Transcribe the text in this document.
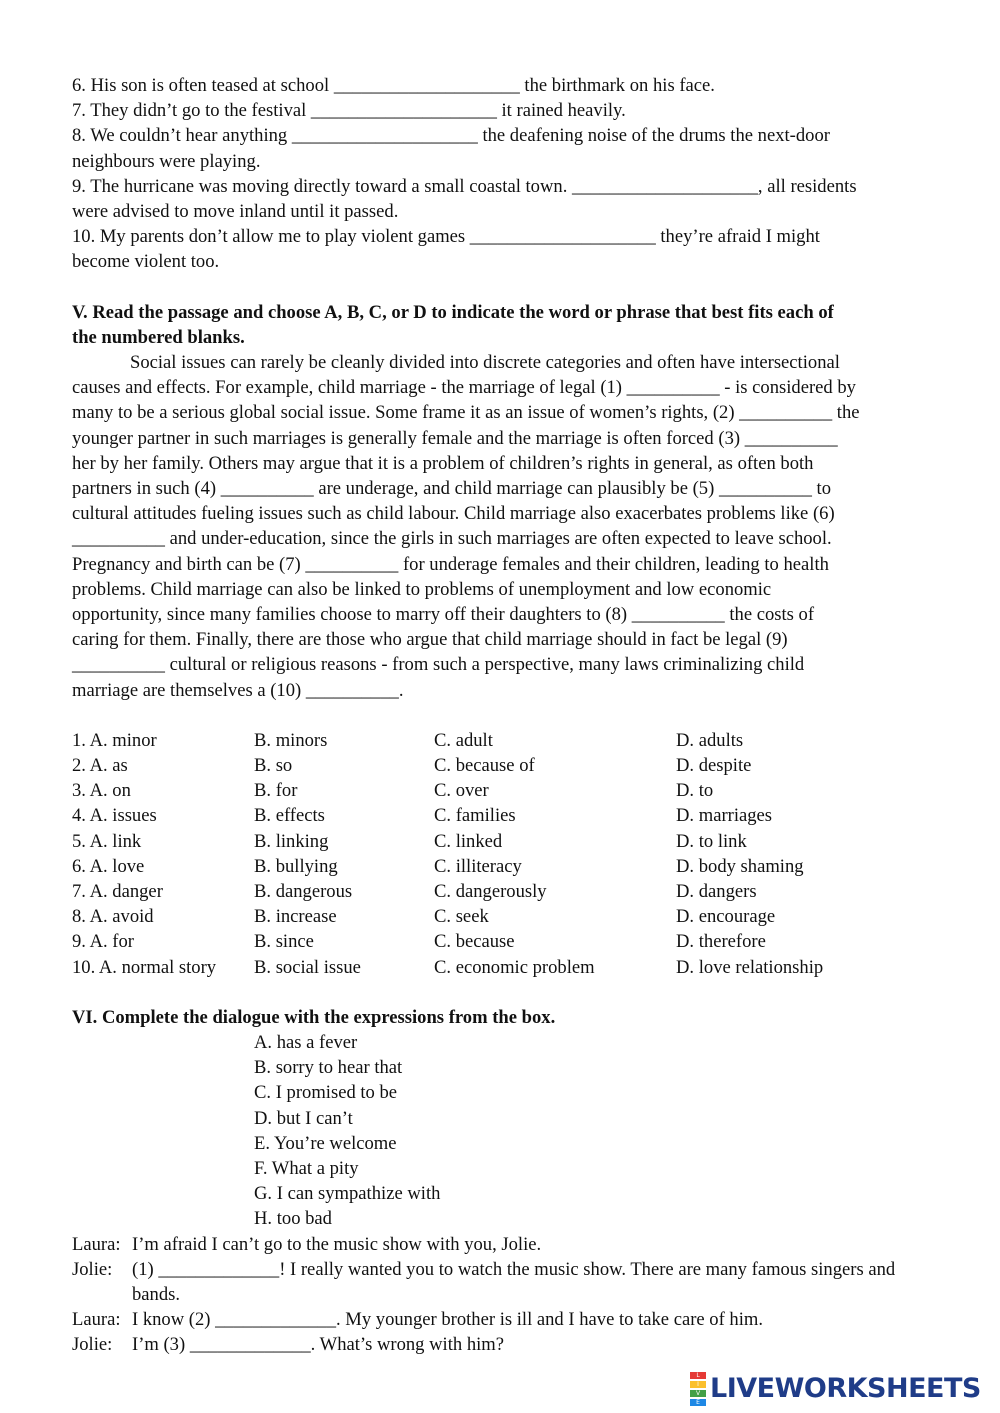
6. His son is often teased at school ____________________ the birthmark on his face.
7. They didn’t go to the festival ____________________ it rained heavily.
8. We couldn’t hear anything ____________________ the deafening noise of the drums the next-door
neighbours were playing.
9. The hurricane was moving directly toward a small coastal town. ____________________, all residents
were advised to move inland until it passed.
10. My parents don’t allow me to play violent games ____________________ they’re afraid I might
become violent too.
V. Read the passage and choose A, B, C, or D to indicate the word or phrase that best fits each of
the numbered blanks.
Social issues can rarely be cleanly divided into discrete categories and often have intersectional
causes and effects. For example, child marriage - the marriage of legal (1) __________ - is considered by
many to be a serious global social issue. Some frame it as an issue of women’s rights, (2) __________ the
younger partner in such marriages is generally female and the marriage is often forced (3) __________
her by her family. Others may argue that it is a problem of children’s rights in general, as often both
partners in such (4) __________ are underage, and child marriage can plausibly be (5) __________ to
cultural attitudes fueling issues such as child labour. Child marriage also exacerbates problems like (6)
__________ and under-education, since the girls in such marriages are often expected to leave school.
Pregnancy and birth can be (7) __________ for underage females and their children, leading to health
problems. Child marriage can also be linked to problems of unemployment and low economic
opportunity, since many families choose to marry off their daughters to (8) __________ the costs of
caring for them. Finally, there are those who argue that child marriage should in fact be legal (9)
__________ cultural or religious reasons - from such a perspective, many laws criminalizing child
marriage are themselves a (10) __________.

1. A. minor

	B. minors

	C. adult

	D. adults

2. A. as

	B. so

	C. because of

	D. despite

3. A. on

	B. for

	C. over

	D. to

4. A. issues

	B. effects

	C. families

	D. marriages

5. A. link

	B. linking

	C. linked

	D. to link

6. A. love

	B. bullying

	C. illiteracy

	D. body shaming

7. A. danger

	B. dangerous

	C. dangerously

	D. dangers

8. A. avoid

	B. increase

	C. seek

	D. encourage

9. A. for

	B. since

	C. because

	D. therefore

10. A. normal story

B. social issue

	C. economic problem

	D. love relationship

VI. Complete the dialogue with the expressions from the box.
A. has a fever
B. sorry to hear that
C. I promised to be
D. but I can’t
E. You’re welcome
F. What a pity
G. I can sympathize with
H. too bad
Laura: I’m afraid I can’t go to the music show with you, Jolie.
Jolie: (1) _____________! I really wanted you to watch the music show. There are many famous singers and bands.
Laura: I know (2) _____________. My younger brother is ill and I have to take care of him.
Jolie: I’m (3) _____________. What’s wrong with him?
L
I
V
E LIVEWORKSHEETS
